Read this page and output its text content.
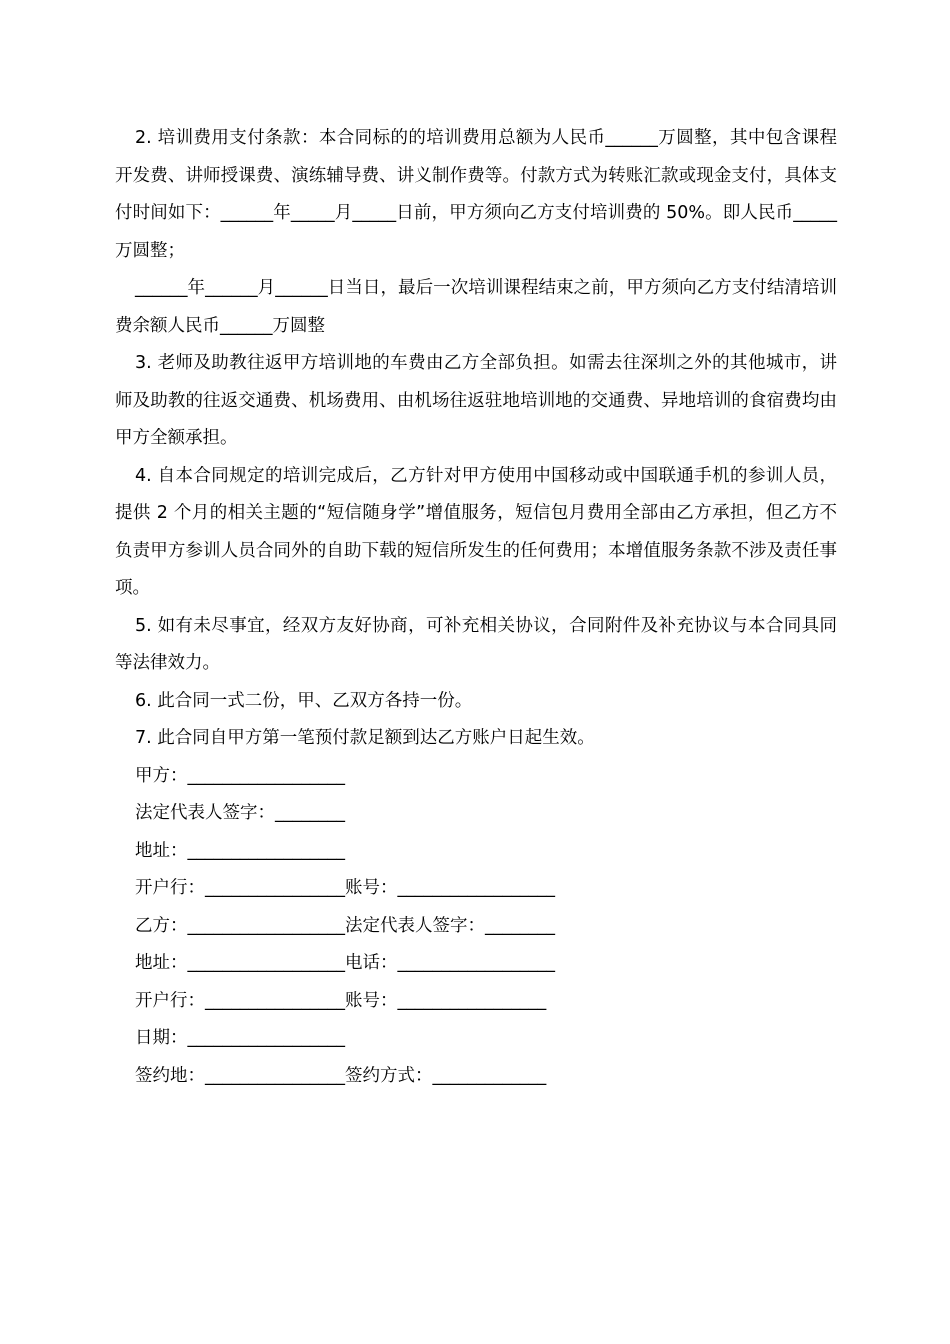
2. 培训费用支付条款：本合同标的的培训费用总额为人民币______万圆整，其中包含课程开发费、讲师授课费、演练辅导费、讲义制作费等。付款方式为转账汇款或现金支付，具体支付时间如下：______年_____月_____日前，甲方须向乙方支付培训费的 50%。即人民币_____万圆整；

______年______月______日当日，最后一次培训课程结束之前，甲方须向乙方支付结清培训费余额人民币______万圆整

3. 老师及助教往返甲方培训地的车费由乙方全部负担。如需去往深圳之外的其他城市，讲师及助教的往返交通费、机场费用、由机场往返驻地培训地的交通费、异地培训的食宿费均由甲方全额承担。

4. 自本合同规定的培训完成后，乙方针对甲方使用中国移动或中国联通手机的参训人员，提供 2 个月的相关主题的“短信随身学”增值服务，短信包月费用全部由乙方承担，但乙方不负责甲方参训人员合同外的自助下载的短信所发生的任何费用；本增值服务条款不涉及责任事项。

5. 如有未尽事宜，经双方友好协商，可补充相关协议，合同附件及补充协议与本合同具同等法律效力。

6. 此合同一式二份，甲、乙双方各持一份。

7. 此合同自甲方第一笔预付款足额到达乙方账户日起生效。

甲方：__________________
法定代表人签字：________
地址：__________________
开户行：________________账号：__________________
乙方：__________________法定代表人签字：________
地址：__________________电话：__________________
开户行：________________账号：_________________
日期：__________________
签约地：________________签约方式：_____________
